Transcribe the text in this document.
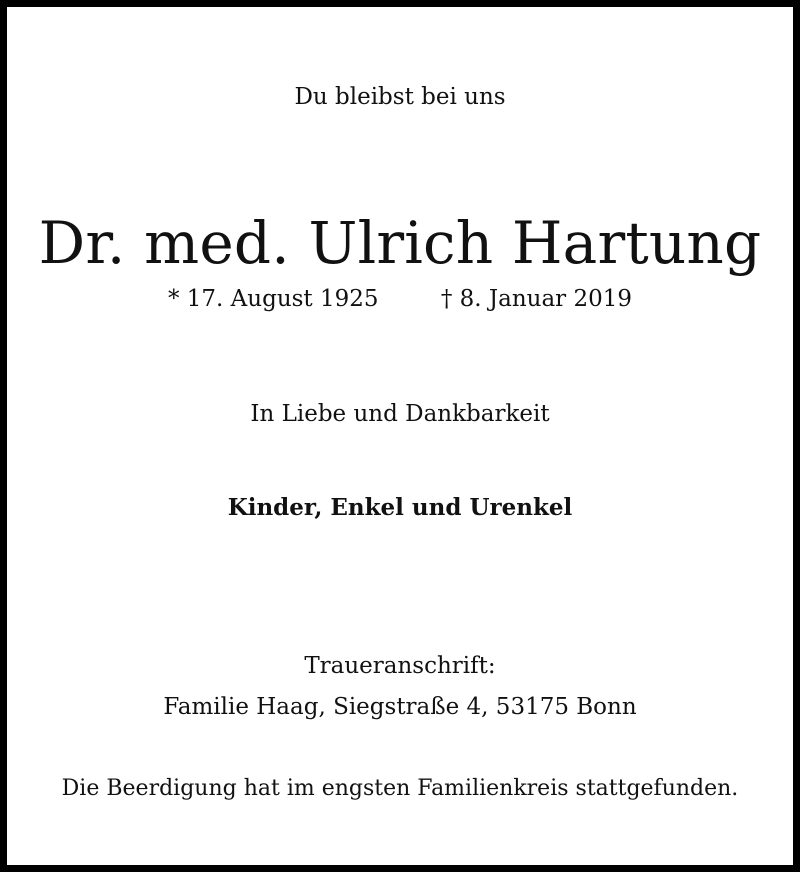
Du bleibst bei uns
Dr. med. Ulrich Hartung
* 17. August 1925	† 8. Januar 2019
In Liebe und Dankbarkeit
Kinder, Enkel und Urenkel
Traueranschrift:
Familie Haag, Siegstraße 4, 53175 Bonn
Die Beerdigung hat im engsten Familienkreis stattgefunden.
